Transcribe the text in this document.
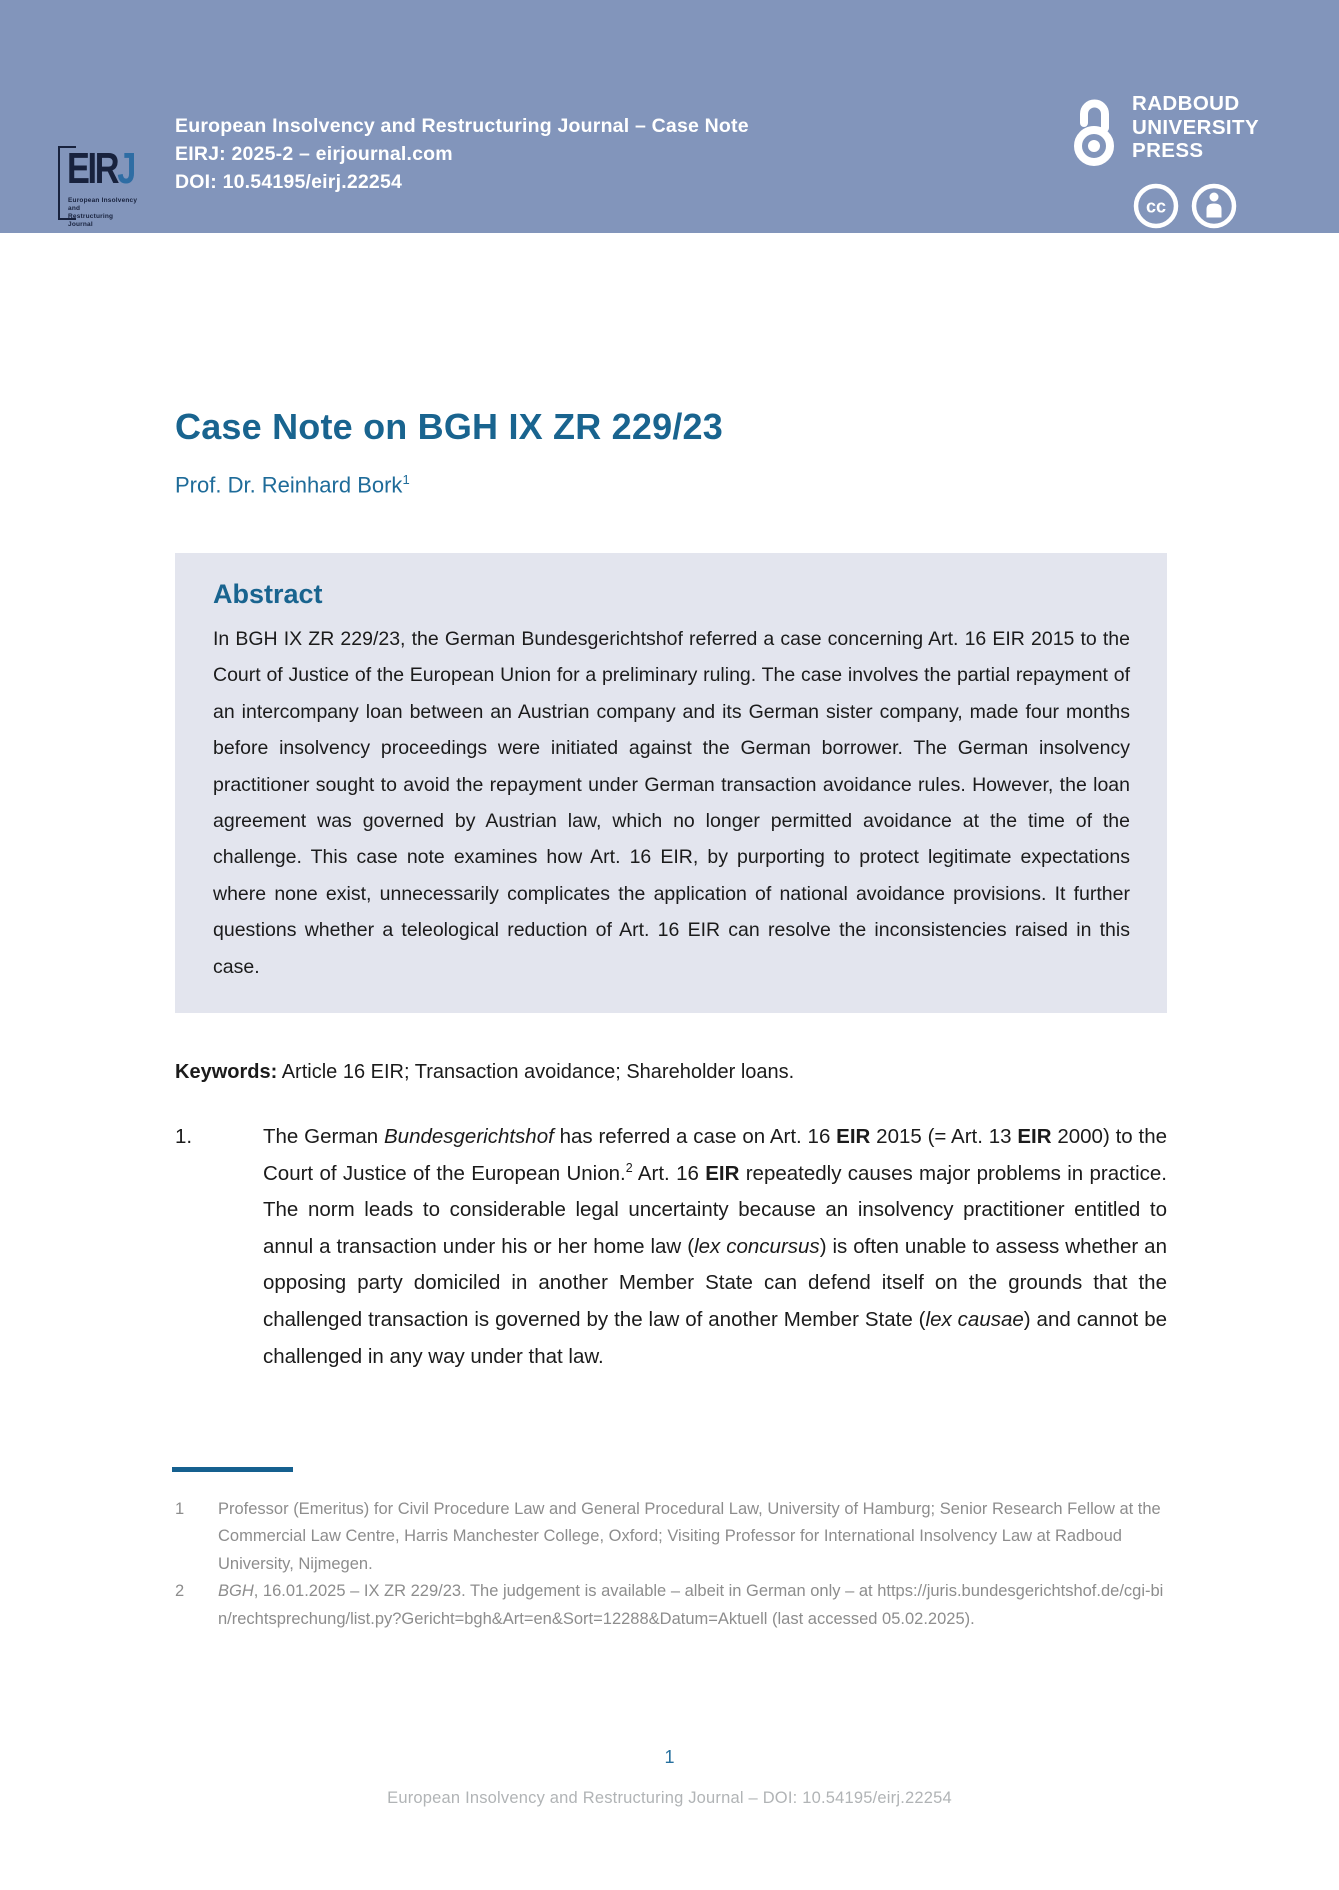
EIRJ
European Insolvency and
Restructuring Journal
European Insolvency and Restructuring Journal – Case Note
EIRJ: 2025-2 – eirjournal.com
DOI: 10.54195/eirj.22254
RADBOUD
UNIVERSITY
PRESS
cc
Case Note on BGH IX ZR 229/23
Prof. Dr. Reinhard Bork$^1$
Abstract
In BGH IX ZR 229/23, the German Bundesgerichtshof referred a case concerning Art. 16 EIR 2015 to the Court of Justice of the European Union for a preliminary ruling. The case involves the partial repayment of an intercompany loan between an Austrian company and its German sister company, made four months before insolvency proceedings were initiated against the German borrower. The German insolvency practitioner sought to avoid the repayment under German transaction avoidance rules. However, the loan agreement was governed by Austrian law, which no longer permitted avoidance at the time of the challenge. This case note examines how Art. 16 EIR, by purporting to protect legitimate expectations where none exist, unnecessarily complicates the application of national avoidance provisions. It further questions whether a teleological reduction of Art. 16 EIR can resolve the inconsistencies raised in this case.
Keywords: Article 16 EIR; Transaction avoidance; Shareholder loans.
1.	The German Bundesgerichtshof has referred a case on Art. 16 EIR 2015 (= Art. 13 EIR 2000) to the Court of Justice of the European Union.$^2$ Art. 16 EIR repeatedly causes major problems in practice. The norm leads to considerable legal uncertainty because an insolvency practitioner entitled to annul a transaction under his or her home law (lex concursus) is often unable to assess whether an opposing party domiciled in another Member State can defend itself on the grounds that the challenged transaction is governed by the law of another Member State (lex causae) and cannot be challenged in any way under that law.
1	Professor (Emeritus) for Civil Procedure Law and General Procedural Law, University of Hamburg; Senior Research Fellow at the Commercial Law Centre, Harris Manchester College, Oxford; Visiting Professor for International Insolvency Law at Radboud University, Nijmegen.
2	BGH, 16.01.2025 – IX ZR 229/23. The judgement is available – albeit in German only – at https://juris.bundesgerichtshof.de/cgi-bin/rechtsprechung/list.py?Gericht=bgh&Art=en&Sort=12288&Datum=Aktuell (last accessed 05.02.2025).
1
European Insolvency and Restructuring Journal – DOI: 10.54195/eirj.22254
